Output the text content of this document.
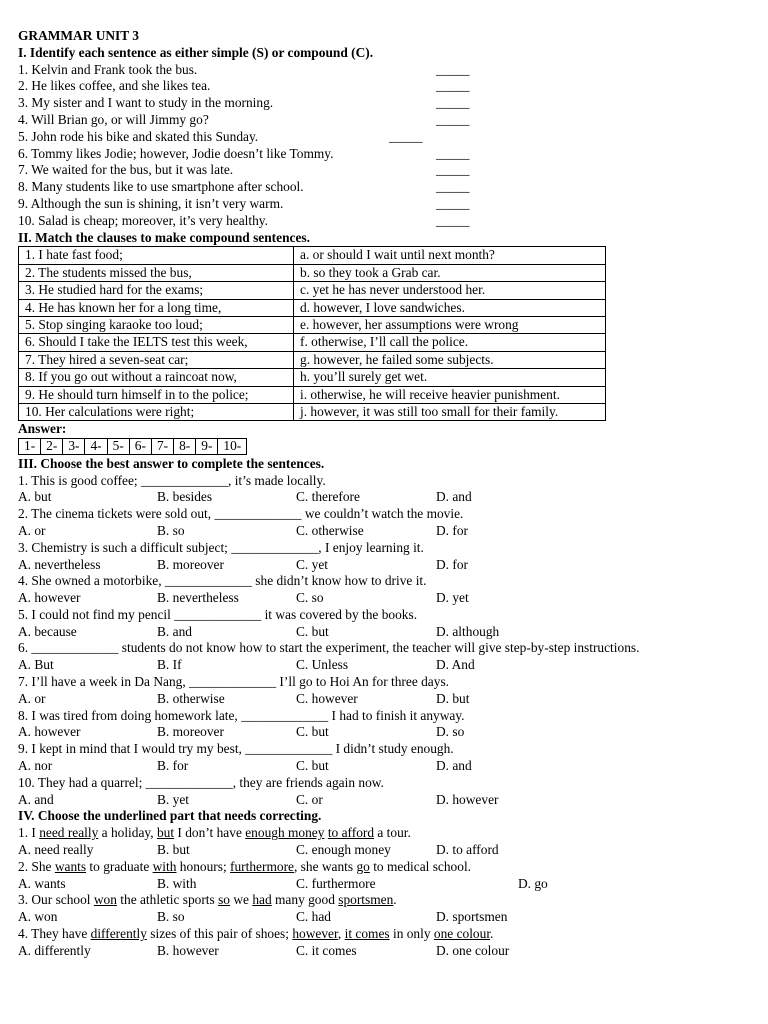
GRAMMAR UNIT 3
I. Identify each sentence as either simple (S) or compound (C).
1. Kelvin and Frank took the bus.	_____
2. He likes coffee, and she likes tea.	_____
3. My sister and I want to study in the morning.	_____
4. Will Brian go, or will Jimmy go?	_____
5. John rode his bike and skated this Sunday.	_____
6. Tommy likes Jodie; however, Jodie doesn’t like Tommy.	_____
7. We waited for the bus, but it was late.	_____
8. Many students like to use smartphone after school.	_____
9. Although the sun is shining, it isn’t very warm.	_____
10. Salad is cheap; moreover, it’s very healthy.	_____
II. Match the clauses to make compound sentences.
1. I hate fast food;	a. or should I wait until next month?
2. The students missed the bus,	b. so they took a Grab car.
3. He studied hard for the exams;	c. yet he has never understood her.
4. He has known her for a long time,	d. however, I love sandwiches.
5. Stop singing karaoke too loud;	e. however, her assumptions were wrong
6. Should I take the IELTS test this week,	f. otherwise, I’ll call the police.
7. They hired a seven-seat car;	g. however, he failed some subjects.
8. If you go out without a raincoat now,	h. you’ll surely get wet.
9. He should turn himself in to the police;	i. otherwise, he will receive heavier punishment.
10. Her calculations were right;	j. however, it was still too small for their family.
Answer:
1-	2-	3-	4-	5-	6-	7-	8-	9-	10-
III. Choose the best answer to complete the sentences.
1. This is good coffee; _____________, it’s made locally.
A. but	B. besides	C. therefore	D. and
2. The cinema tickets were sold out, _____________ we couldn’t watch the movie.
A. or	B. so	C. otherwise	D. for
3. Chemistry is such a difficult subject; _____________, I enjoy learning it.
A. nevertheless	B. moreover	C. yet	D. for
4. She owned a motorbike, _____________ she didn’t know how to drive it.
A. however	B. nevertheless	C. so	D. yet
5. I could not find my pencil _____________ it was covered by the books.
A. because	B. and	C. but	D. although
6. _____________ students do not know how to start the experiment, the teacher will give step-by-step instructions.
A. But	B. If	C. Unless	D. And
7. I’ll have a week in Da Nang, _____________ I’ll go to Hoi An for three days.
A. or	B. otherwise	C. however	D. but
8. I was tired from doing homework late, _____________ I had to finish it anyway.
A. however	B. moreover	C. but	D. so
9. I kept in mind that I would try my best, _____________ I didn’t study enough.
A. nor	B. for	C. but	D. and
10. They had a quarrel; _____________, they are friends again now.
A. and	B. yet	C. or	D. however
IV. Choose the underlined part that needs correcting.
1. I need really a holiday, but I don’t have enough money to afford a tour.
A. need really	B. but	C. enough money	D. to afford
2. She wants to graduate with honours; furthermore, she wants go to medical school.
A. wants	B. with	C. furthermore	D. go
3. Our school won the athletic sports so we had many good sportsmen.
A. won	B. so	C. had	D. sportsmen
4. They have differently sizes of this pair of shoes; however, it comes in only one colour.
A. differently	B. however	C. it comes	D. one colour
